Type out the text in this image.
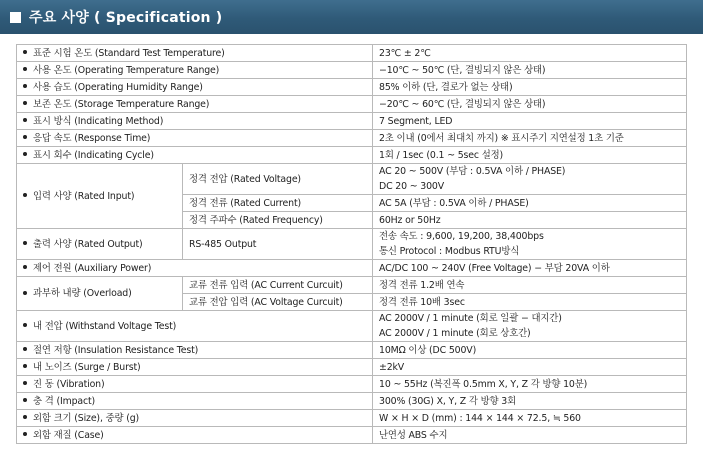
주요 사양 ( Specification )
표준 시험 온도 (Standard Test Temperature)		23℃ ± 2℃
사용 온도 (Operating Temperature Range)		−10℃ ~ 50℃ (단, 결빙되지 않은 상태)
사용 습도 (Operating Humidity Range)		85% 이하 (단, 결로가 없는 상태)
보존 온도 (Storage Temperature Range)		−20℃ ~ 60℃ (단, 결빙되지 않은 상태)
표시 방식 (Indicating Method)		7 Segment, LED
응답 속도 (Response Time)		2초 이내 (0에서 최대치 까지) ※ 표시주기 지연설정 1초 기준
표시 회수 (Indicating Cycle)		1회 / 1sec (0.1 ~ 5sec 설정)
입력 사양 (Rated Input)	정격 전압 (Rated Voltage)	AC 20 ~ 500V (부담 : 0.5VA 이하 / PHASE)
DC 20 ~ 300V

	정격 전류 (Rated Current)	AC 5A (부담 : 0.5VA 이하 / PHASE)
	정격 주파수 (Rated Frequency)	60Hz or 50Hz
출력 사양 (Rated Output)	RS-485 Output	전송 속도 : 9,600, 19,200, 38,400bps
통신 Protocol : Modbus RTU방식

제어 전원 (Auxiliary Power)		AC/DC 100 ~ 240V (Free Voltage) − 부담 20VA 이하
과부하 내량 (Overload)	교류 전류 입력 (AC Current Curcuit)	정격 전류 1.2배 연속
	교류 전압 입력 (AC Voltage Curcuit)	정격 전류 10배 3sec
내 전압 (Withstand Voltage Test)		AC 2000V / 1 minute (회로 일괄 − 대지간)
AC 2000V / 1 minute (회로 상호간)

절연 저항 (Insulation Resistance Test)		10MΩ 이상 (DC 500V)
내 노이즈 (Surge / Burst)		±2kV
진 동 (Vibration)		10 ~ 55Hz (복진폭 0.5mm X, Y, Z 각 방향 10분)
충 격 (Impact)		300% (30G) X, Y, Z 각 방향 3회
외함 크기 (Size), 중량 (g)		W × H × D (mm) : 144 × 144 × 72.5, ≒ 560
외함 재질 (Case)		난연성 ABS 수지
